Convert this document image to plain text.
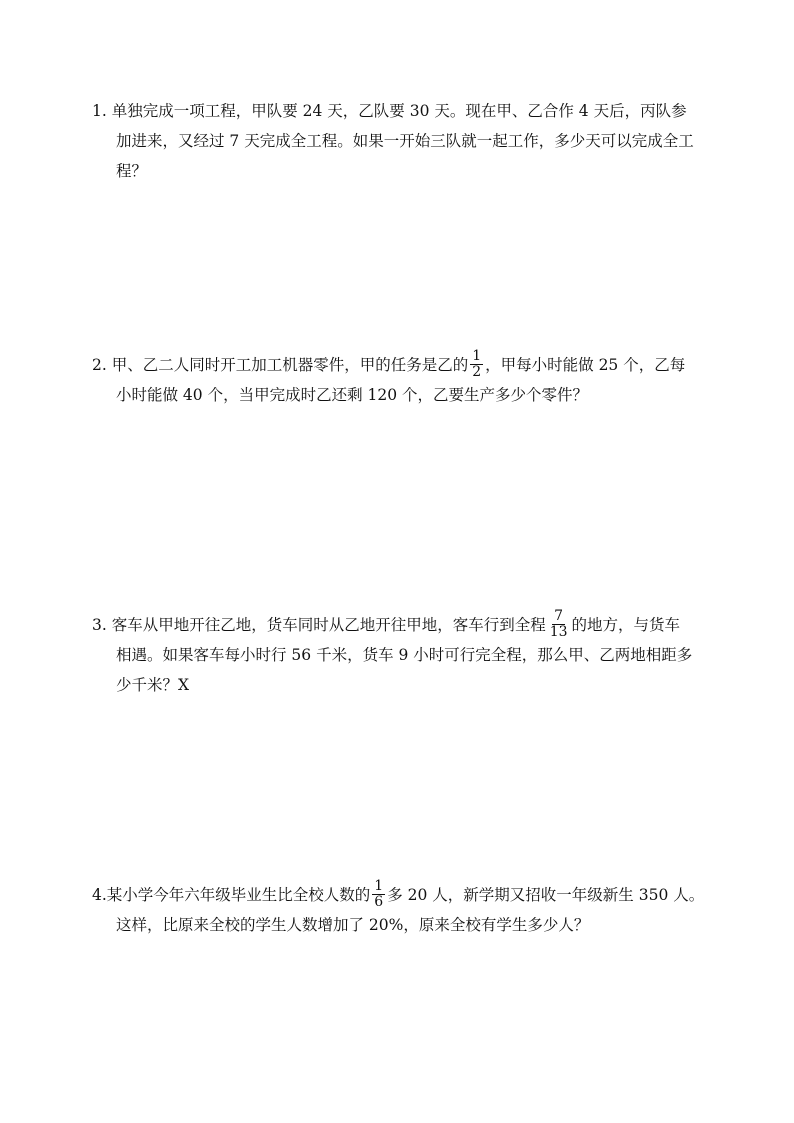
1. 单独完成一项工程，甲队要 24 天，乙队要 30 天。现在甲、乙合作 4 天后，丙队参
加进来，又经过 7 天完成全工程。如果一开始三队就一起工作，多少天可以完成全工
程？
2. 甲、乙二人同时开工加工机器零件，甲的任务是乙的 $\frac{1}{2}$ ，甲每小时能做 25 个，乙每
小时能做 40 个，当甲完成时乙还剩 120 个，乙要生产多少个零件？
3. 客车从甲地开往乙地，货车同时从乙地开往甲地，客车行到全程 $\frac{7}{13}$ 的地方，与货车
相遇。如果客车每小时行 56 千米，货车 9 小时可行完全程，那么甲、乙两地相距多
少千米？X
4.某小学今年六年级毕业生比全校人数的 $\frac{1}{6}$ 多 20 人，新学期又招收一年级新生 350 人。
这样，比原来全校的学生人数增加了 20%，原来全校有学生多少人？
